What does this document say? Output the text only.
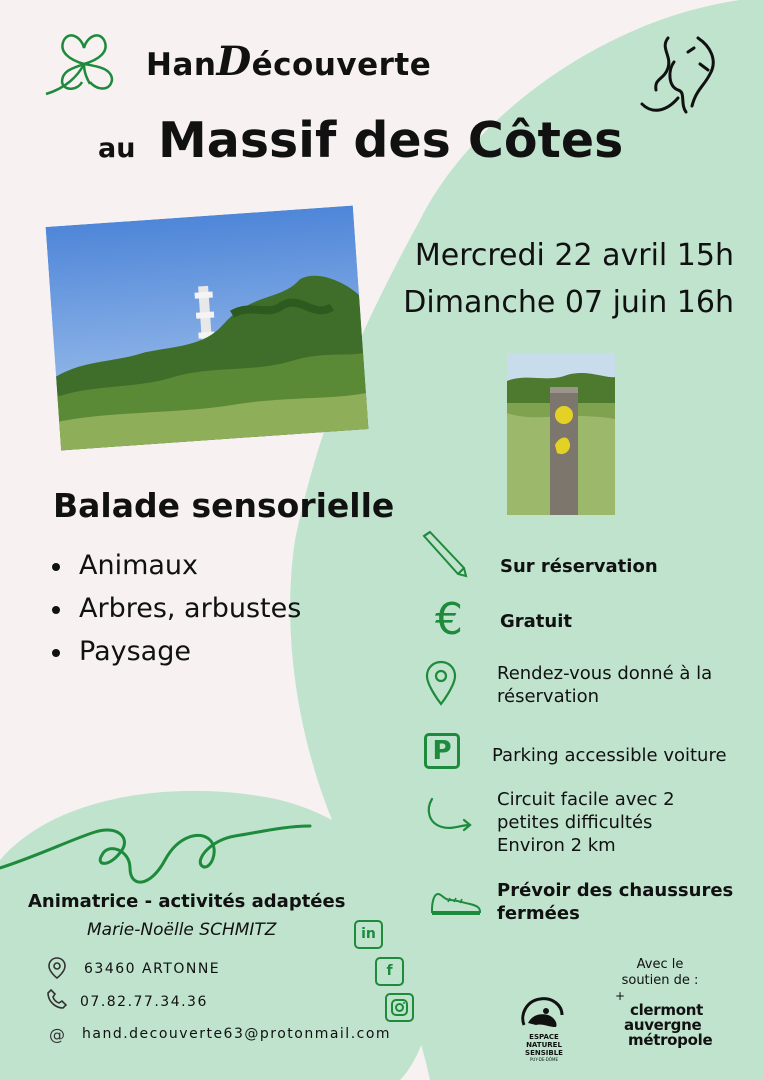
HanDécouverte
au Massif des Côtes
Mercredi 22 avril 15h
Dimanche 07 juin 16h
Balade sensorielle
Animaux
Arbres, arbustes
Paysage
Sur réservation
€ Gratuit
Rendez-vous donné à la
réservation
P	Parking accessible voiture
Circuit facile avec 2
petites difficultés
Environ 2 km
Prévoir des chaussures
fermées
Animatrice - activités adaptées
Marie-Noëlle SCHMITZ
63460 ARTONNE
07.82.77.34.36
@ hand.decouverte63@protonmail.com
in
f	Avec le
soutien de :
ESPACE
NATUREL
SENSIBLE
PUY-DE-DÔME
+
clermont
auvergne
métropole
